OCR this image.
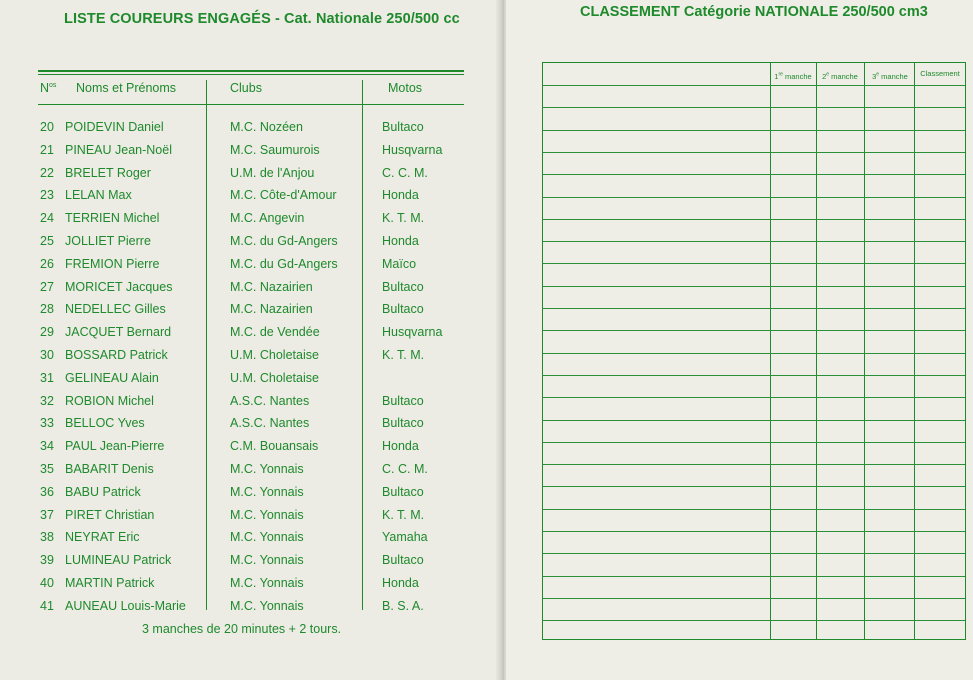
LISTE COUREURS ENGAGÉS - Cat. Nationale 250/500 cc
$N^{os}$ Noms et Prénoms	Clubs	Motos
20 POIDEVIN Daniel	M.C. Nozéen	Bultaco
21 PINEAU Jean-Noël	M.C. Saumurois	Husqvarna
22 BRELET Roger	U.M. de l'Anjou	C. C. M.
23 LELAN Max	M.C. Côte-d'Amour	Honda
24 TERRIEN Michel	M.C. Angevin	K. T. M.
25 JOLLIET Pierre	M.C. du Gd-Angers	Honda
26 FREMION Pierre	M.C. du Gd-Angers	Maïco
27 MORICET Jacques	M.C. Nazairien	Bultaco
28 NEDELLEC Gilles	M.C. Nazairien	Bultaco
29 JACQUET Bernard	M.C. de Vendée	Husqvarna
30 BOSSARD Patrick	U.M. Choletaise	K. T. M.
31 GELINEAU Alain	U.M. Choletaise
32 ROBION Michel	A.S.C. Nantes	Bultaco
33 BELLOC Yves	A.S.C. Nantes	Bultaco
34 PAUL Jean-Pierre	C.M. Bouansais	Honda
35 BABARIT Denis	M.C. Yonnais	C. C. M.
36 BABU Patrick	M.C. Yonnais	Bultaco
37 PIRET Christian	M.C. Yonnais	K. T. M.
38 NEYRAT Eric	M.C. Yonnais	Yamaha
39 LUMINEAU Patrick	M.C. Yonnais	Bultaco
40 MARTIN Patrick	M.C. Yonnais	Honda
41 AUNEAU Louis-Marie	M.C. Yonnais	B. S. A.
3 manches de 20 minutes + 2 tours.
CLASSEMENT Catégorie NATIONALE 250/500 cm3
1re manche	2e manche	3e manche	Classement
